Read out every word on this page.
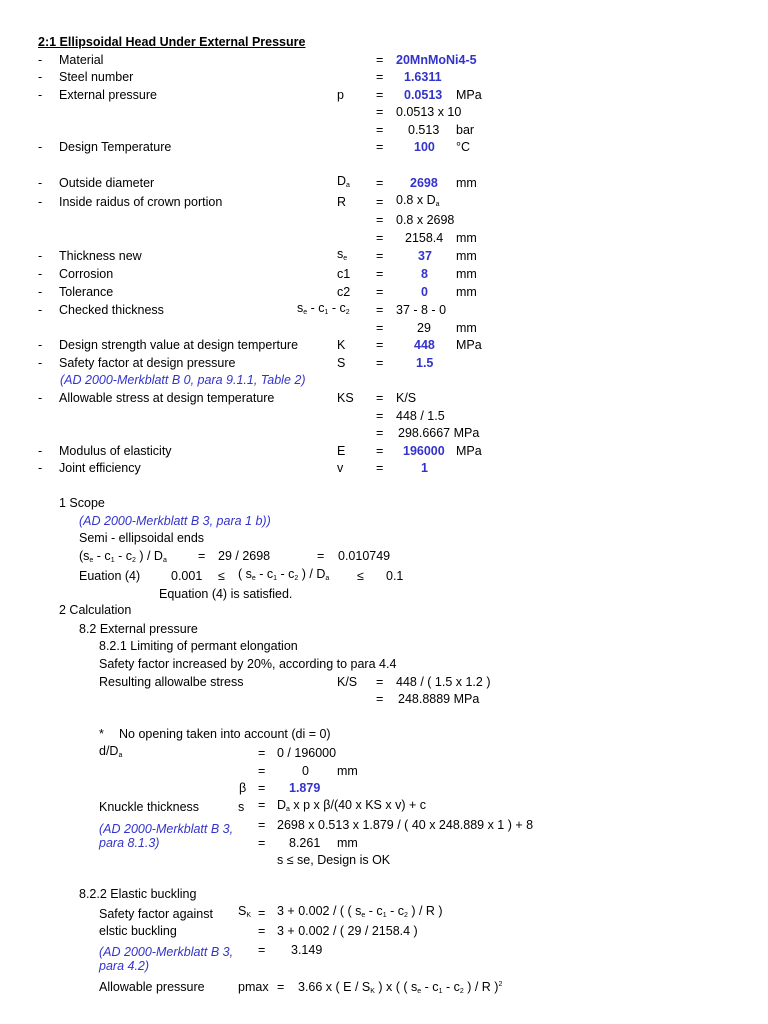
2:1 Ellipsoidal Head Under External Pressure
- Material	= 20MnMoNi4-5
- Steel number	= 1.6311
- External pressure	p	= 0.0513 MPa
= 0.0513 x 10
= 0.513 bar
- Design Temperature	= 100 °C
- Outside diameter	$D_a = 2698$ mm
- Inside raidus of crown portion	R = 0.8 x $D_a$
= 0.8 x 2698
= 2158.4 mm
- Thickness new	$s_e$ =	37 mm
- Corrosion	c1 =	8 mm
- Tolerance	c2 =	0 mm
- Checked thickness	$s_e - c_1 - c_2 = 37 - 8 - 0$
=	29 mm
- Design strength value at design temperture	K = 448 MPa
- Safety factor at design pressure	S =	1.5
(AD 2000-Merkblatt B 0, para 9.1.1, Table 2)
- Allowable stress at design temperature	KS = K/S
= 448 / 1.5
= 298.6667 MPa
- Modulus of elasticity	E = 196000 MPa
- Joint efficiency	v	=	1
1 Scope
(AD 2000-Merkblatt B 3, para 1 b))
Semi - ellipsoidal ends
($s_e - c_1 - c_2$ ) / $D_a = 29 / 2698$	= 0.010749
Euation (4) 0.001 ≤ ( $s_e - c_1 - c_2$ ) / $D_a \le 0.1$
Equation (4) is satisfied.
2 Calculation
8.2 External pressure
8.2.1 Limiting of permant elongation
Safety factor increased by 20%, according to para 4.4
Resulting allowalbe stress	K/S = 448 / ( 1.5 x 1.2 )
= 248.8889 MPa
* No opening taken into account (di = 0)
$d/D_a$	= 0 / 196000
=	0 mm
β = 1.879
Knuckle thickness	$s = D_a$ x p x β/(40 x KS x v) + c
(AD 2000-Merkblatt B 3, para 8.1.3)
= 2698 x 0.513 x 1.879 / ( 40 x 248.889 x 1 ) + 8
= 8.261 mm
s ≤ se, Design is OK
8.2.2 Elastic buckling
Safety factor against
elstic buckling
$S_K = 3 + 0.002$ / ( ( $s_e - c_1 - c_2$ ) / R )
= 3 + 0.002 / ( 29 / 2158.4 )
(AD 2000-Merkblatt B 3, para 4.2)
= 3.149
Allowable pressure	pmax = 3.66 x ( E / $S_K$ ) x ( ( $s_e - c_1 - c_2$ ) / R )$^2$
